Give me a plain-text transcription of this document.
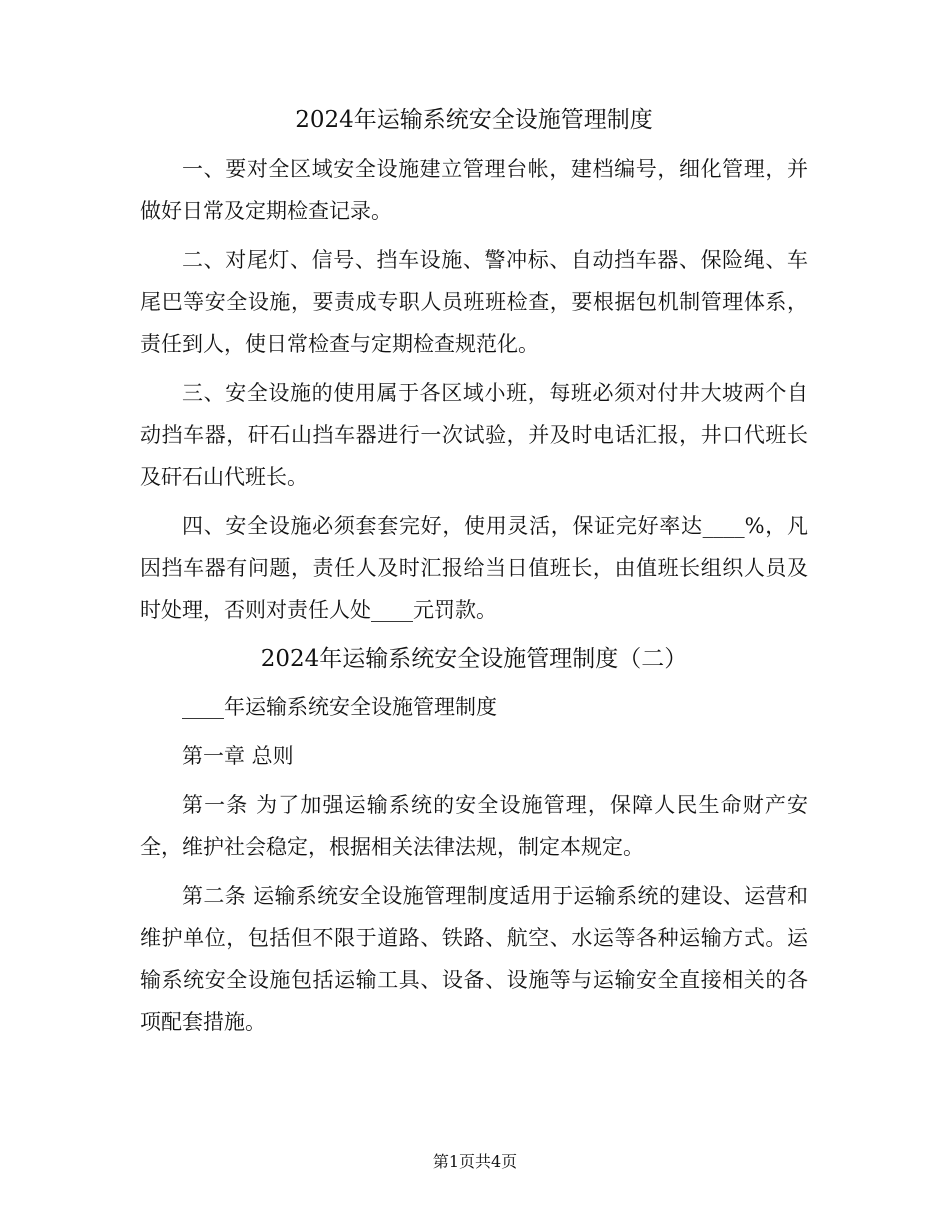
2024年运输系统安全设施管理制度

一、要对全区域安全设施建立管理台帐，建档编号，细化管理，并做好日常及定期检查记录。

二、对尾灯、信号、挡车设施、警冲标、自动挡车器、保险绳、车尾巴等安全设施，要责成专职人员班班检查，要根据包机制管理体系，责任到人，使日常检查与定期检查规范化。

三、安全设施的使用属于各区域小班，每班必须对付井大坡两个自动挡车器，矸石山挡车器进行一次试验，并及时电话汇报，井口代班长及矸石山代班长。

四、安全设施必须套套完好，使用灵活，保证完好率达____%，凡因挡车器有问题，责任人及时汇报给当日值班长，由值班长组织人员及时处理，否则对责任人处____元罚款。

2024年运输系统安全设施管理制度（二）

____年运输系统安全设施管理制度

第一章 总则

第一条 为了加强运输系统的安全设施管理，保障人民生命财产安全，维护社会稳定，根据相关法律法规，制定本规定。

第二条 运输系统安全设施管理制度适用于运输系统的建设、运营和维护单位，包括但不限于道路、铁路、航空、水运等各种运输方式。运输系统安全设施包括运输工具、设备、设施等与运输安全直接相关的各项配套措施。

第1页共4页
